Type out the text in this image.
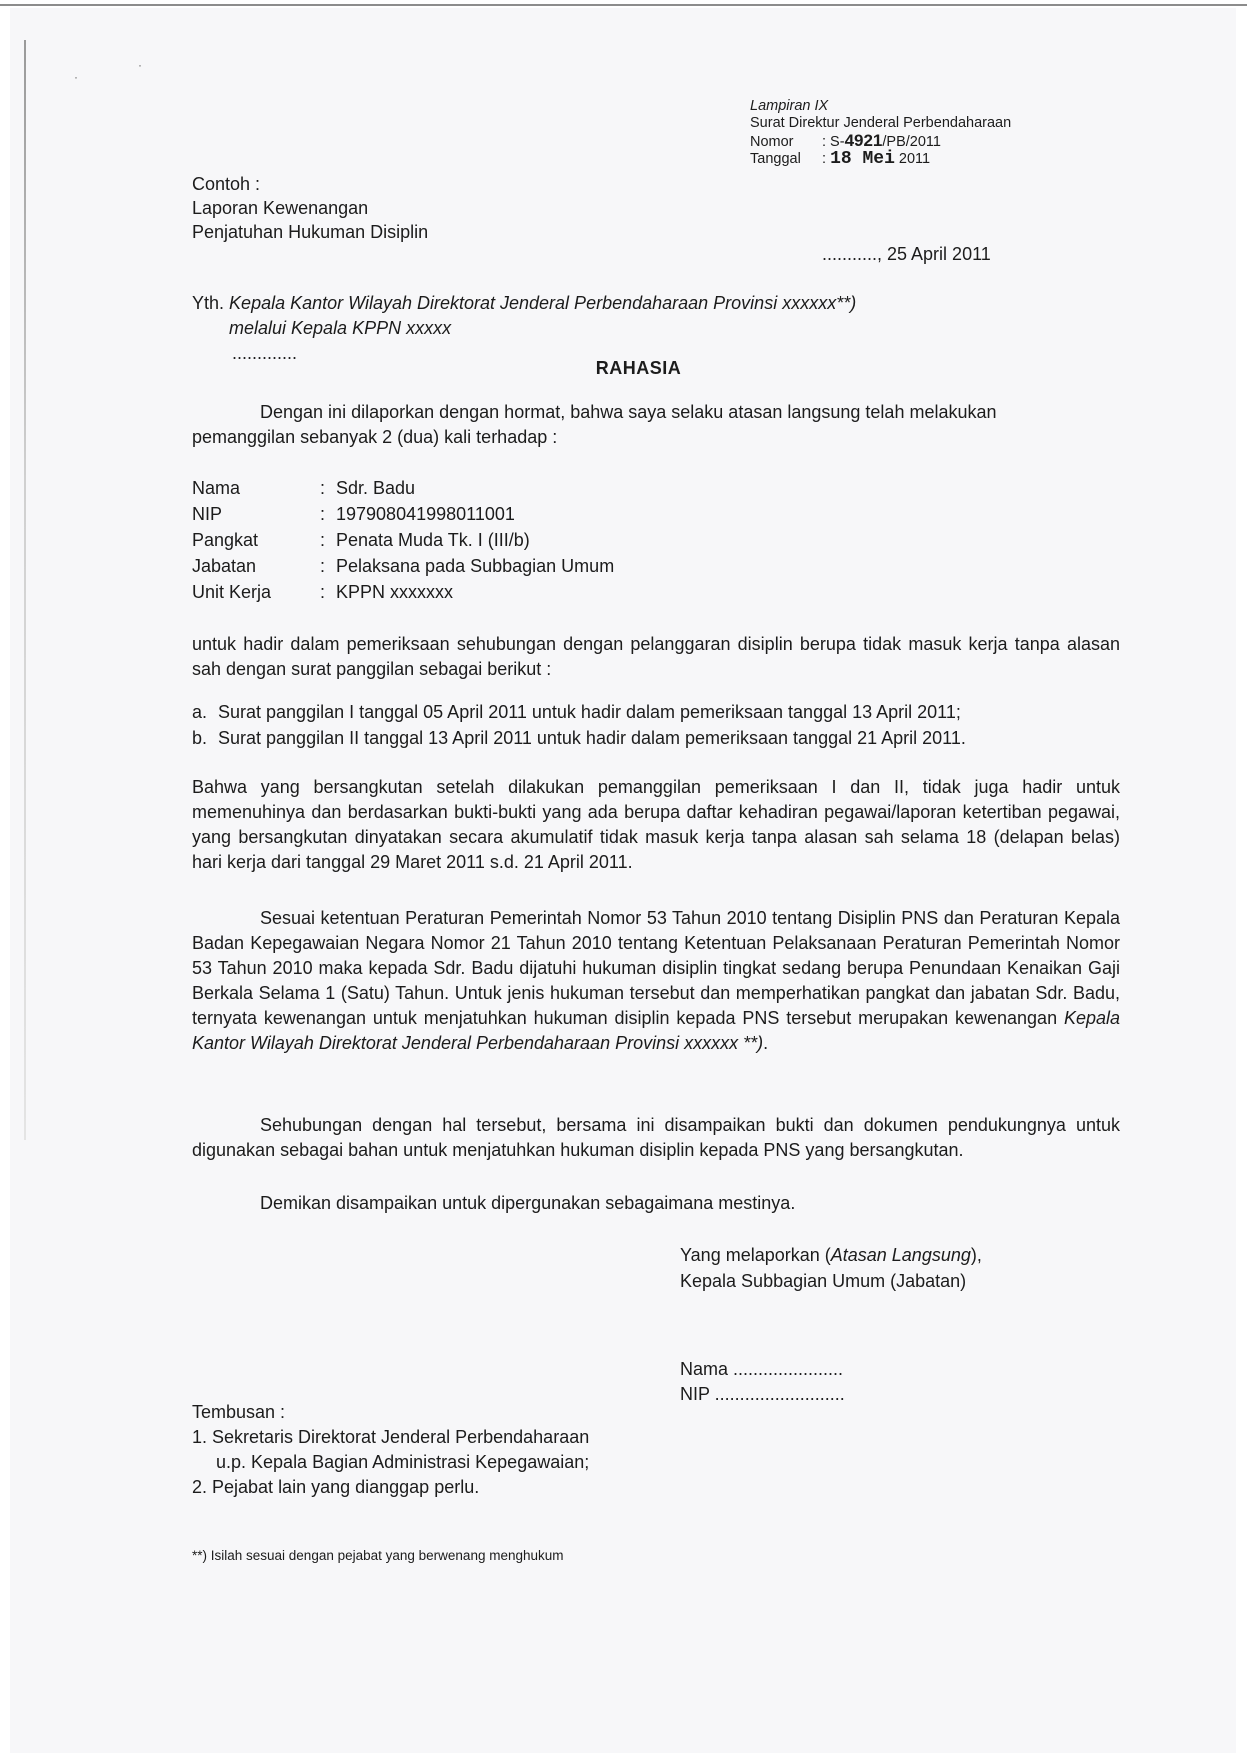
·
·
Lampiran IX
Surat Direktur Jenderal Perbendaharaan
Nomor : S-4921/PB/2011
Tanggal : 18 Mei 2011
Contoh :
Laporan Kewenangan
Penjatuhan Hukuman Disiplin
..........., 25 April 2011
Yth. Kepala Kantor Wilayah Direktorat Jenderal Perbendaharaan Provinsi xxxxxx**)
melalui Kepala KPPN xxxxx
.............
RAHASIA
Dengan ini dilaporkan dengan hormat, bahwa saya selaku atasan langsung telah melakukan
pemanggilan sebanyak 2 (dua) kali terhadap :
Nama	:	Sdr. Badu
NIP	:	197908041998011001
Pangkat	:	Penata Muda Tk. I (III/b)
Jabatan	:	Pelaksana pada Subbagian Umum
Unit Kerja	:	KPPN xxxxxxx
untuk hadir dalam pemeriksaan sehubungan dengan pelanggaran disiplin berupa tidak masuk kerja tanpa alasan sah dengan surat panggilan sebagai berikut :
a. Surat panggilan I tanggal 05 April 2011 untuk hadir dalam pemeriksaan tanggal 13 April 2011;
b. Surat panggilan II tanggal 13 April 2011 untuk hadir dalam pemeriksaan tanggal 21 April 2011.
Bahwa yang bersangkutan setelah dilakukan pemanggilan pemeriksaan I dan II, tidak juga hadir untuk memenuhinya dan berdasarkan bukti-bukti yang ada berupa daftar kehadiran pegawai/laporan ketertiban pegawai, yang bersangkutan dinyatakan secara akumulatif tidak masuk kerja tanpa alasan sah selama 18 (delapan belas) hari kerja dari tanggal 29 Maret 2011 s.d. 21 April 2011.
Sesuai ketentuan Peraturan Pemerintah Nomor 53 Tahun 2010 tentang Disiplin PNS dan Peraturan Kepala Badan Kepegawaian Negara Nomor 21 Tahun 2010 tentang Ketentuan Pelaksanaan Peraturan Pemerintah Nomor 53 Tahun 2010 maka kepada Sdr. Badu dijatuhi hukuman disiplin tingkat sedang berupa Penundaan Kenaikan Gaji Berkala Selama 1 (Satu) Tahun. Untuk jenis hukuman tersebut dan memperhatikan pangkat dan jabatan Sdr. Badu, ternyata kewenangan untuk menjatuhkan hukuman disiplin kepada PNS tersebut merupakan kewenangan Kepala Kantor Wilayah Direktorat Jenderal Perbendaharaan Provinsi xxxxxx **).
Sehubungan dengan hal tersebut, bersama ini disampaikan bukti dan dokumen pendukungnya untuk digunakan sebagai bahan untuk menjatuhkan hukuman disiplin kepada PNS yang bersangkutan.
Demikan disampaikan untuk dipergunakan sebagaimana mestinya.
Yang melaporkan (Atasan Langsung),
Kepala Subbagian Umum (Jabatan)
Nama ......................
NIP ..........................
Tembusan :
1. Sekretaris Direktorat Jenderal Perbendaharaan
u.p. Kepala Bagian Administrasi Kepegawaian;
2. Pejabat lain yang dianggap perlu.
**) Isilah sesuai dengan pejabat yang berwenang menghukum
